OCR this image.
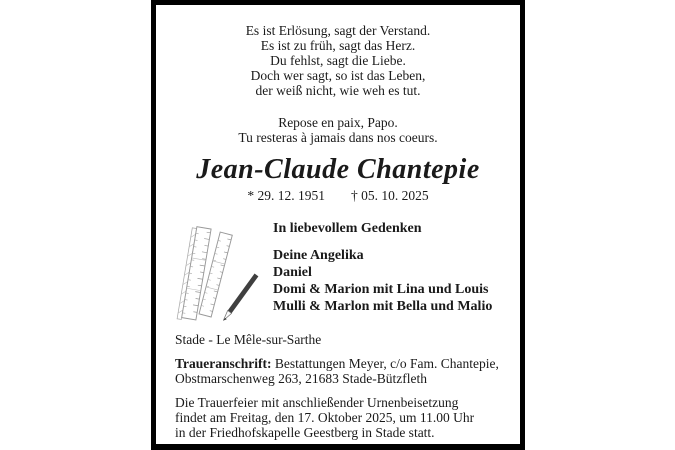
Es ist Erlösung, sagt der Verstand.
Es ist zu früh, sagt das Herz.
Du fehlst, sagt die Liebe.
Doch wer sagt, so ist das Leben,
der weiß nicht, wie weh es tut.
Repose en paix, Papo.
Tu resteras à jamais dans nos coeurs.
Jean-Claude Chantepie
* 29. 12. 1951 † 05. 10. 2025
In liebevollem Gedenken
Deine Angelika
Daniel
Domi & Marion mit Lina und Louis
Mulli & Marlon mit Bella und Malio

Stade - Le Mêle-sur-Sarthe

Traueranschrift: Bestattungen Meyer, c/o Fam. Chantepie,
Obstmarschenweg 263, 21683 Stade-Bützfleth

Die Trauerfeier mit anschließender Urnenbeisetzung
findet am Freitag, den 17. Oktober 2025, um 11.00 Uhr
in der Friedhofskapelle Geestberg in Stade statt.
